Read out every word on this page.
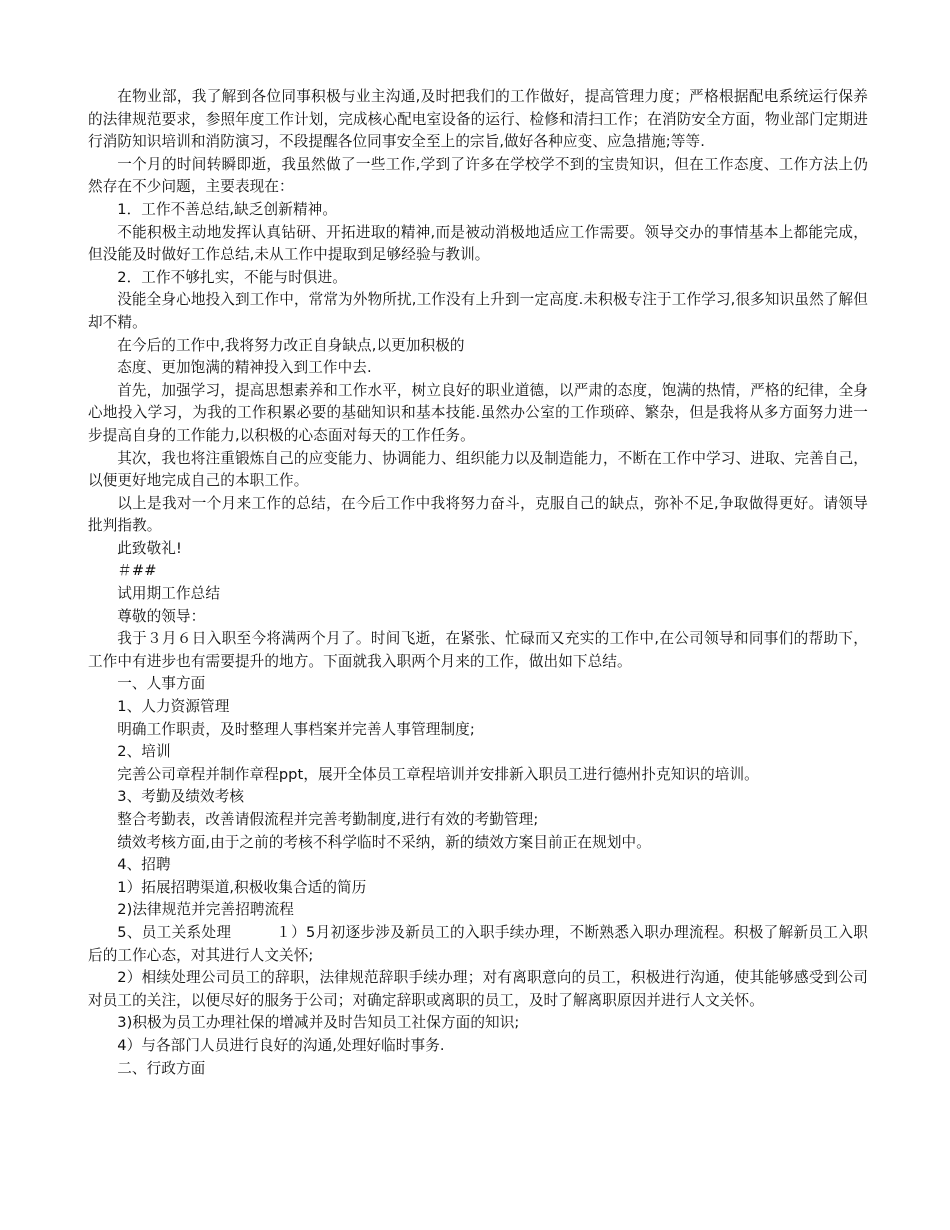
在物业部，我了解到各位同事积极与业主沟通,及时把我们的工作做好，提高管理力度；严格根据配电系统运行保养的法律规范要求，参照年度工作计划，完成核心配电室设备的运行、检修和清扫工作；在消防安全方面，物业部门定期进行消防知识培训和消防演习，不段提醒各位同事安全至上的宗旨,做好各种应变、应急措施;等等.

一个月的时间转瞬即逝，我虽然做了一些工作,学到了许多在学校学不到的宝贵知识，但在工作态度、工作方法上仍然存在不少问题，主要表现在：

1．工作不善总结,缺乏创新精神。

不能积极主动地发挥认真钻研、开拓进取的精神,而是被动消极地适应工作需要。领导交办的事情基本上都能完成，但没能及时做好工作总结,未从工作中提取到足够经验与教训。

2．工作不够扎实，不能与时俱进。

没能全身心地投入到工作中，常常为外物所扰,工作没有上升到一定高度.未积极专注于工作学习,很多知识虽然了解但却不精。

在今后的工作中,我将努力改正自身缺点,以更加积极的

态度、更加饱满的精神投入到工作中去.

首先，加强学习，提高思想素养和工作水平，树立良好的职业道德，以严肃的态度，饱满的热情，严格的纪律，全身心地投入学习，为我的工作积累必要的基础知识和基本技能.虽然办公室的工作琐碎、繁杂，但是我将从多方面努力进一步提高自身的工作能力,以积极的心态面对每天的工作任务。

其次，我也将注重锻炼自己的应变能力、协调能力、组织能力以及制造能力，不断在工作中学习、进取、完善自己，以便更好地完成自己的本职工作。

以上是我对一个月来工作的总结，在今后工作中我将努力奋斗，克服自己的缺点，弥补不足,争取做得更好。请领导批判指教。

此致敬礼!

＃##

试用期工作总结

尊敬的领导：

我于３月６日入职至今将满两个月了。时间飞逝，在紧张、忙碌而又充实的工作中,在公司领导和同事们的帮助下，工作中有进步也有需要提升的地方。下面就我入职两个月来的工作，做出如下总结。

一、人事方面

1、人力资源管理

明确工作职责，及时整理人事档案并完善人事管理制度;

2、培训

完善公司章程并制作章程ppt，展开全体员工章程培训并安排新入职员工进行德州扑克知识的培训。

3、考勤及绩效考核

整合考勤表，改善请假流程并完善考勤制度,进行有效的考勤管理;

绩效考核方面,由于之前的考核不科学临时不采纳，新的绩效方案目前正在规划中。

4、招聘

1）拓展招聘渠道,积极收集合适的简历

2)法律规范并完善招聘流程

5、员工关系处理　　　１）5月初逐步涉及新员工的入职手续办理，不断熟悉入职办理流程。积极了解新员工入职后的工作心态，对其进行人文关怀;

2）相续处理公司员工的辞职，法律规范辞职手续办理；对有离职意向的员工，积极进行沟通，使其能够感受到公司对员工的关注，以便尽好的服务于公司；对确定辞职或离职的员工，及时了解离职原因并进行人文关怀。

3)积极为员工办理社保的增减并及时告知员工社保方面的知识;

4）与各部门人员进行良好的沟通,处理好临时事务.

二、行政方面
